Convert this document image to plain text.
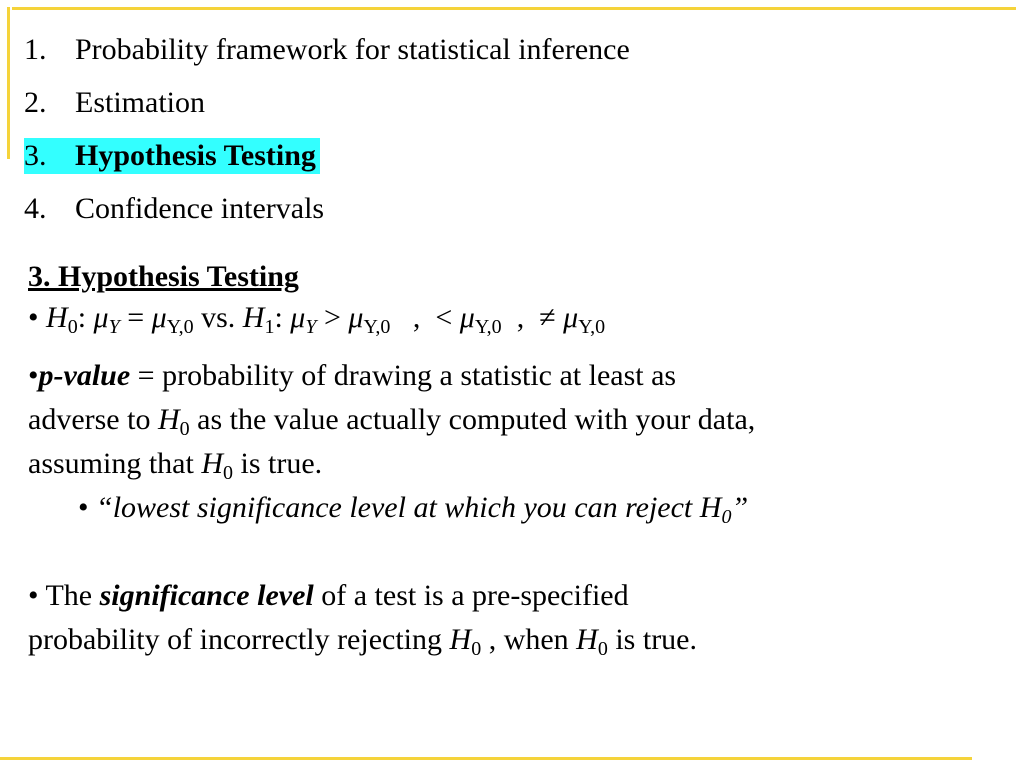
1. Probability framework for statistical inference
2. Estimation
3. Hypothesis Testing
4. Confidence intervals

3. Hypothesis Testing

• $H_0$: $\mu_Y = \mu_{Y,0}$ vs. $H_1$: $\mu_Y > \mu_{Y,0}$ , < $\mu_{Y,0}$ , ≠ $\mu_{Y,0}$

•p-value = probability of drawing a statistic at least as

adverse to $H_0$ as the value actually computed with your data,

assuming that $H_0$ is true.

• “lowest significance level at which you can reject $H_0$”

• The significance level of a test is a pre-specified

probability of incorrectly rejecting $H_0$ , when $H_0$ is true.
